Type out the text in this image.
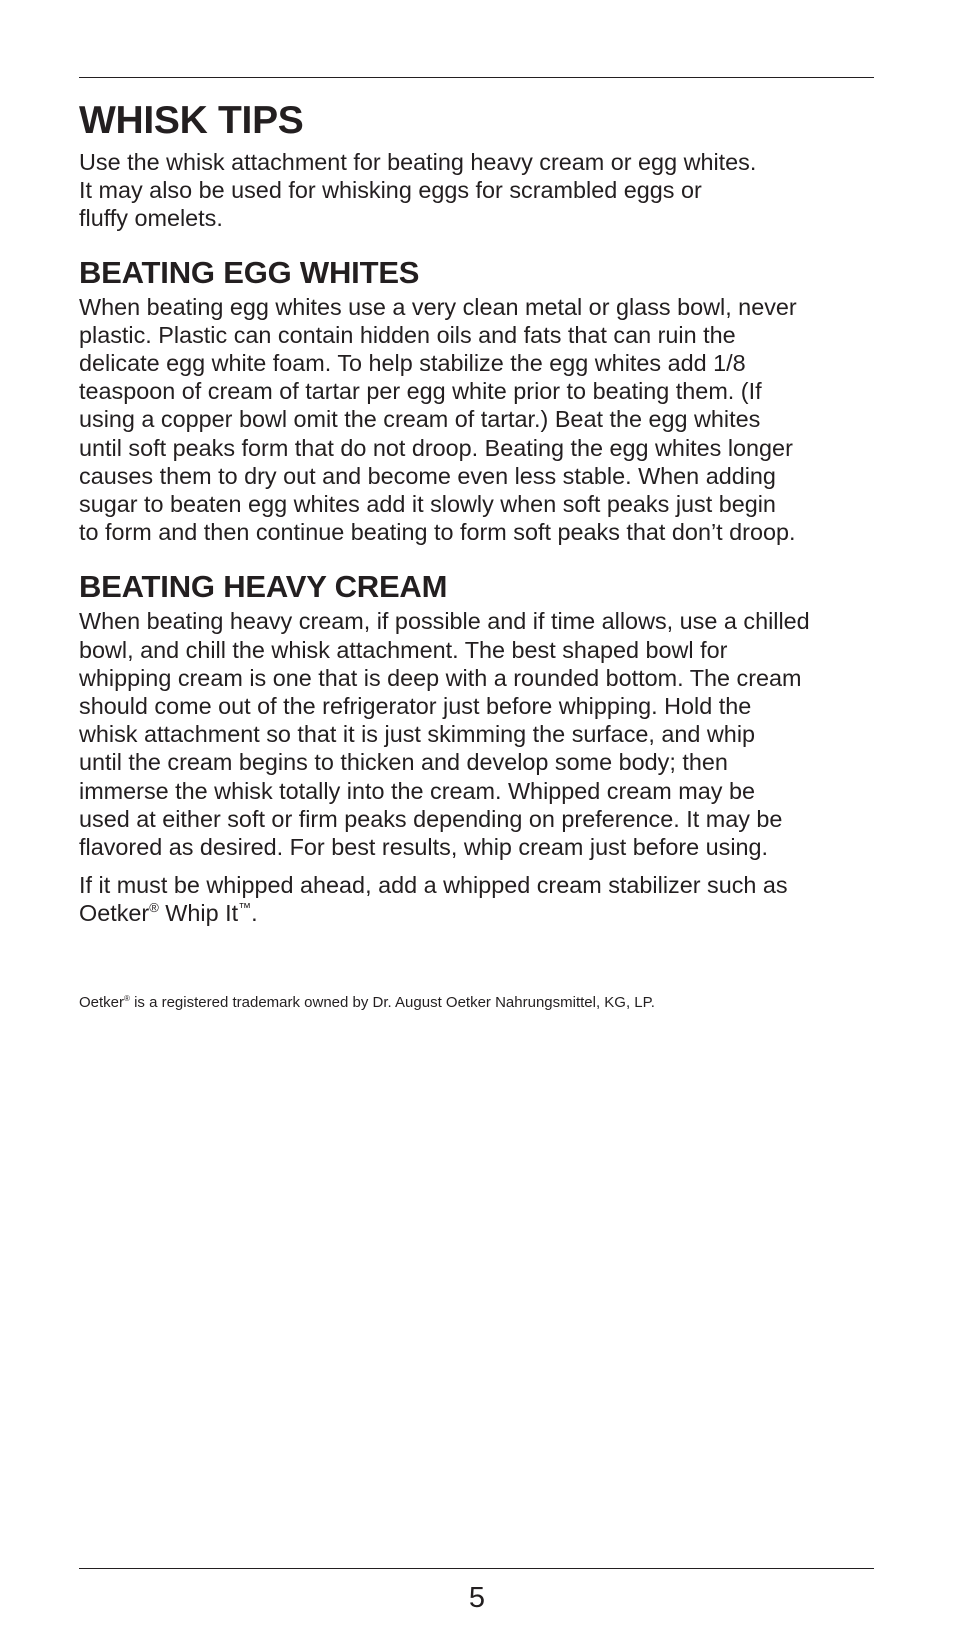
WHISK TIPS

Use the whisk attachment for beating heavy cream or egg whites.
It may also be used for whisking eggs for scrambled eggs or
fluffy omelets.

BEATING EGG WHITES

When beating egg whites use a very clean metal or glass bowl, never
plastic. Plastic can contain hidden oils and fats that can ruin the
delicate egg white foam. To help stabilize the egg whites add 1/8
teaspoon of cream of tartar per egg white prior to beating them. (If
using a copper bowl omit the cream of tartar.) Beat the egg whites
until soft peaks form that do not droop. Beating the egg whites longer
causes them to dry out and become even less stable. When adding
sugar to beaten egg whites add it slowly when soft peaks just begin
to form and then continue beating to form soft peaks that don’t droop.

BEATING HEAVY CREAM

When beating heavy cream, if possible and if time allows, use a chilled
bowl, and chill the whisk attachment. The best shaped bowl for
whipping cream is one that is deep with a rounded bottom. The cream
should come out of the refrigerator just before whipping. Hold the
whisk attachment so that it is just skimming the surface, and whip
until the cream begins to thicken and develop some body; then
immerse the whisk totally into the cream. Whipped cream may be
used at either soft or firm peaks depending on preference. It may be
flavored as desired. For best results, whip cream just before using.

If it must be whipped ahead, add a whipped cream stabilizer such as
Oetker® Whip It™.

Oetker® is a registered trademark owned by Dr. August Oetker Nahrungsmittel, KG, LP.
5
